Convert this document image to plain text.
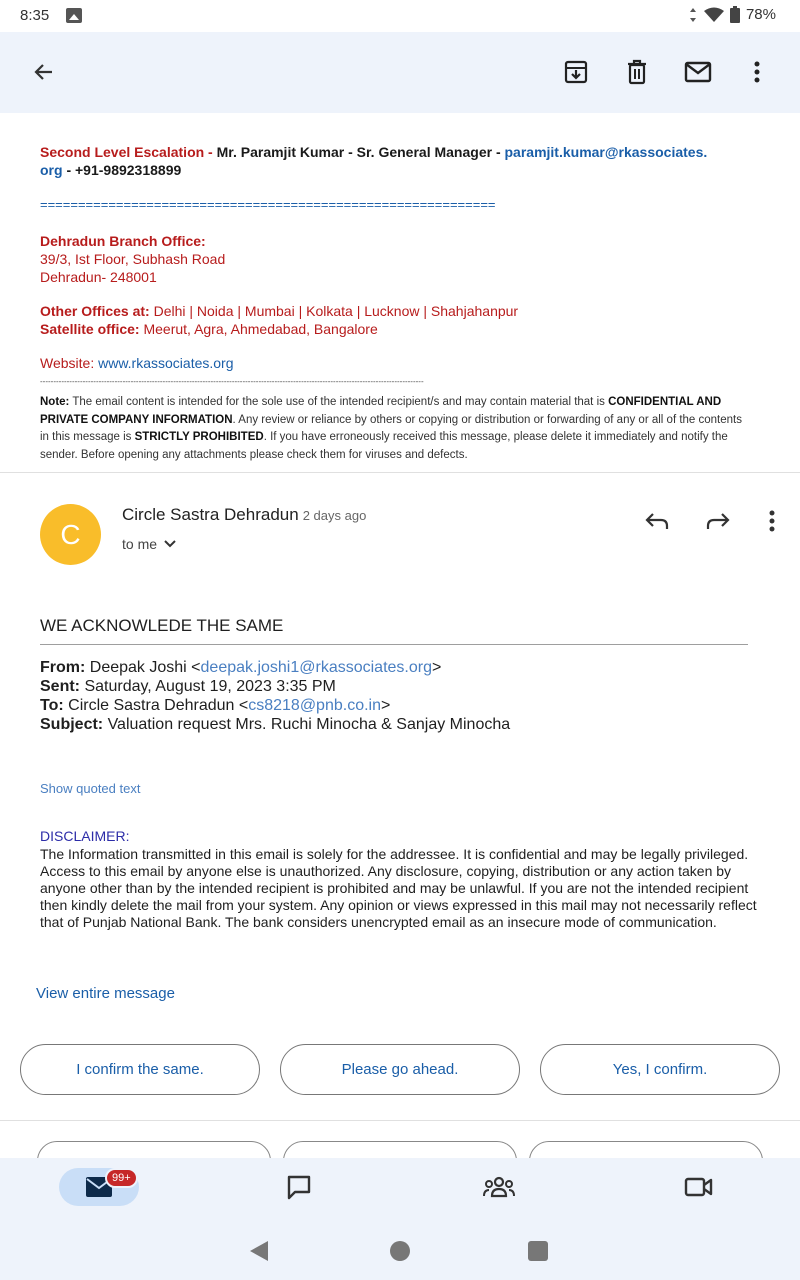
8:35	78%
Second Level Escalation - Mr. Paramjit Kumar - Sr. General Manager - paramjit.kumar@rkassociates.
org - +91-9892318899
============================================================
Dehradun Branch Office:
39/3, Ist Floor, Subhash Road
Dehradun- 248001
Other Offices at: Delhi | Noida | Mumbai | Kolkata | Lucknow | Shahjahanpur
Satellite office: Meerut, Agra, Ahmedabad, Bangalore
Website: www.rkassociates.org
------------------------------------------------------------------------------------------------------------------------------------------------
Note: The email content is intended for the sole use of the intended recipient/s and may contain material that is CONFIDENTIAL AND PRIVATE COMPANY INFORMATION. Any review or reliance by others or copying or distribution or forwarding of any or all of the contents in this message is STRICTLY PROHIBITED. If you have erroneously received this message, please delete it immediately and notify the sender. Before opening any attachments please check them for viruses and defects.
C
Circle Sastra Dehradun 2 days ago
to me
WE ACKNOWLEDE THE SAME
From: Deepak Joshi <deepak.joshi1@rkassociates.org>
Sent: Saturday, August 19, 2023 3:35 PM
To: Circle Sastra Dehradun <cs8218@pnb.co.in>
Subject: Valuation request Mrs. Ruchi Minocha & Sanjay Minocha
Show quoted text
DISCLAIMER:
The Information transmitted in this email is solely for the addressee. It is confidential and may be legally privileged. Access to this email by anyone else is unauthorized. Any disclosure, copying, distribution or any action taken by anyone other than by the intended recipient is prohibited and may be unlawful. If you are not the intended recipient then kindly delete the mail from your system. Any opinion or views expressed in this mail may not necessarily reflect that of Punjab National Bank. The bank considers unencrypted email as an insecure mode of communication.
View entire message
I confirm the same.	Please go ahead.	Yes, I confirm.
99+
